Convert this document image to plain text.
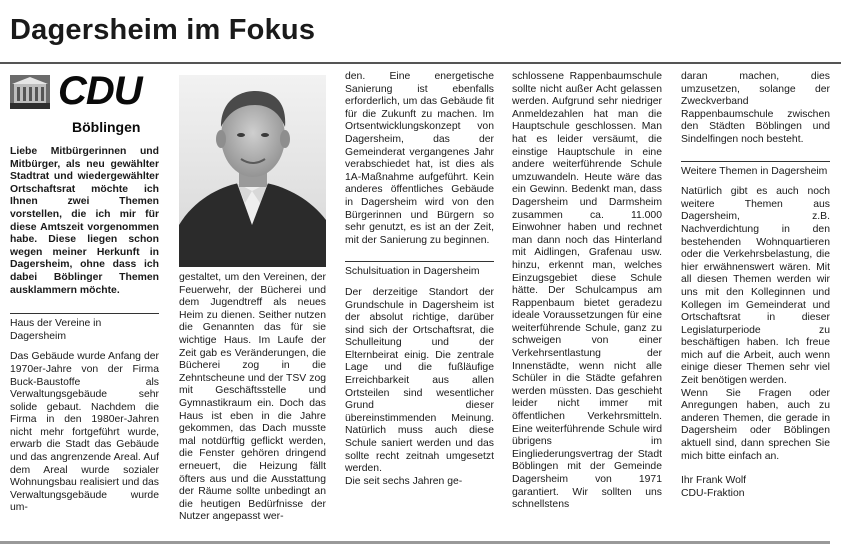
Dagersheim im Fokus
CDU
Böblingen

Liebe Mitbürgerinnen und Mitbürger, als neu gewählter Stadtrat und wiedergewählter Ortschaftsrat möchte ich Ihnen zwei Themen vorstellen, die ich mir für diese Amtszeit vorgenommen habe. Diese liegen schon wegen meiner Herkunft in Dagersheim, ohne dass ich dabei Böblinger Themen ausklammern möchte.

Haus der Vereine in Dagersheim

Das Gebäude wurde Anfang der 1970er-Jahre von der Firma Buck-Baustoffe als Verwaltungsgebäude sehr solide gebaut. Nachdem die Firma in den 1980er-Jahren nicht mehr fortgeführt wurde, erwarb die Stadt das Gebäude und das angrenzende Areal. Auf dem Areal wurde sozialer Wohnungsbau realisiert und das Verwaltungsgebäude wurde um-

gestaltet, um den Vereinen, der Feuerwehr, der Bücherei und dem Jugendtreff als neues Heim zu dienen. Seither nutzen die Genannten das für sie wichtige Haus. Im Laufe der Zeit gab es Veränderungen, die Bücherei zog in die Zehntscheune und der TSV zog mit Geschäftsstelle und Gymnastikraum ein. Doch das Haus ist eben in die Jahre gekommen, das Dach musste mal notdürftig geflickt werden, die Fenster gehören dringend erneuert, die Heizung fällt öfters aus und die Ausstattung der Räume sollte unbedingt an die heutigen Bedürfnisse der Nutzer angepasst wer-

den. Eine energetische Sanierung ist ebenfalls erforderlich, um das Gebäude fit für die Zukunft zu machen. Im Ortsentwicklungskonzept von Dagersheim, das der Gemeinderat vergangenes Jahr verabschiedet hat, ist dies als 1A-Maßnahme aufgeführt. Kein anderes öffentliches Gebäude in Dagersheim wird von den Bürgerinnen und Bürgern so sehr genutzt, es ist an der Zeit, mit der Sanierung zu beginnen.

Schulsituation in Dagersheim

Der derzeitige Standort der Grundschule in Dagersheim ist der absolut richtige, darüber sind sich der Ortschaftsrat, die Schulleitung und der Elternbeirat einig. Die zentrale Lage und die fußläufige Erreichbarkeit aus allen Ortsteilen sind wesentlicher Grund dieser übereinstimmenden Meinung. Natürlich muss auch diese Schule saniert werden und das sollte recht zeitnah umgesetzt werden.

Die seit sechs Jahren ge-

schlossene Rappenbaumschule sollte nicht außer Acht gelassen werden. Aufgrund sehr niedriger Anmeldezahlen hat man die Hauptschule geschlossen. Man hat es leider versäumt, die einstige Hauptschule in eine andere weiterführende Schule umzuwandeln. Heute wäre das ein Gewinn. Bedenkt man, dass Dagersheim und Darmsheim zusammen ca. 11.000 Einwohner haben und rechnet man dann noch das Hinterland mit Aidlingen, Grafenau usw. hinzu, erkennt man, welches Einzugsgebiet diese Schule hätte. Der Schulcampus am Rappenbaum bietet geradezu ideale Voraussetzungen für eine weiterführende Schule, ganz zu schweigen von einer Verkehrsentlastung der Innenstädte, wenn nicht alle Schüler in die Städte gefahren werden müssten. Das geschieht leider nicht immer mit öffentlichen Verkehrsmitteln. Eine weiterführende Schule wird übrigens im Eingliederungsvertrag der Stadt Böblingen mit der Gemeinde Dagersheim von 1971 garantiert. Wir sollten uns schnellstens

daran machen, dies umzusetzen, solange der Zweckverband Rappenbaumschule zwischen den Städten Böblingen und Sindelfingen noch besteht.

Weitere Themen in Dagersheim

Natürlich gibt es auch noch weitere Themen aus Dagersheim, z.B. Nachverdichtung in den bestehenden Wohnquartieren oder die Verkehrsbelastung, die hier erwähnenswert wären. Mit all diesen Themen werden wir uns mit den Kolleginnen und Kollegen im Gemeinderat und Ortschaftsrat in dieser Legislaturperiode zu beschäftigen haben. Ich freue mich auf die Arbeit, auch wenn einige dieser Themen sehr viel Zeit benötigen werden.

Wenn Sie Fragen oder Anregungen haben, auch zu anderen Themen, die gerade in Dagersheim oder Böblingen aktuell sind, dann sprechen Sie mich bitte einfach an.

Ihr Frank Wolf

CDU-Fraktion
